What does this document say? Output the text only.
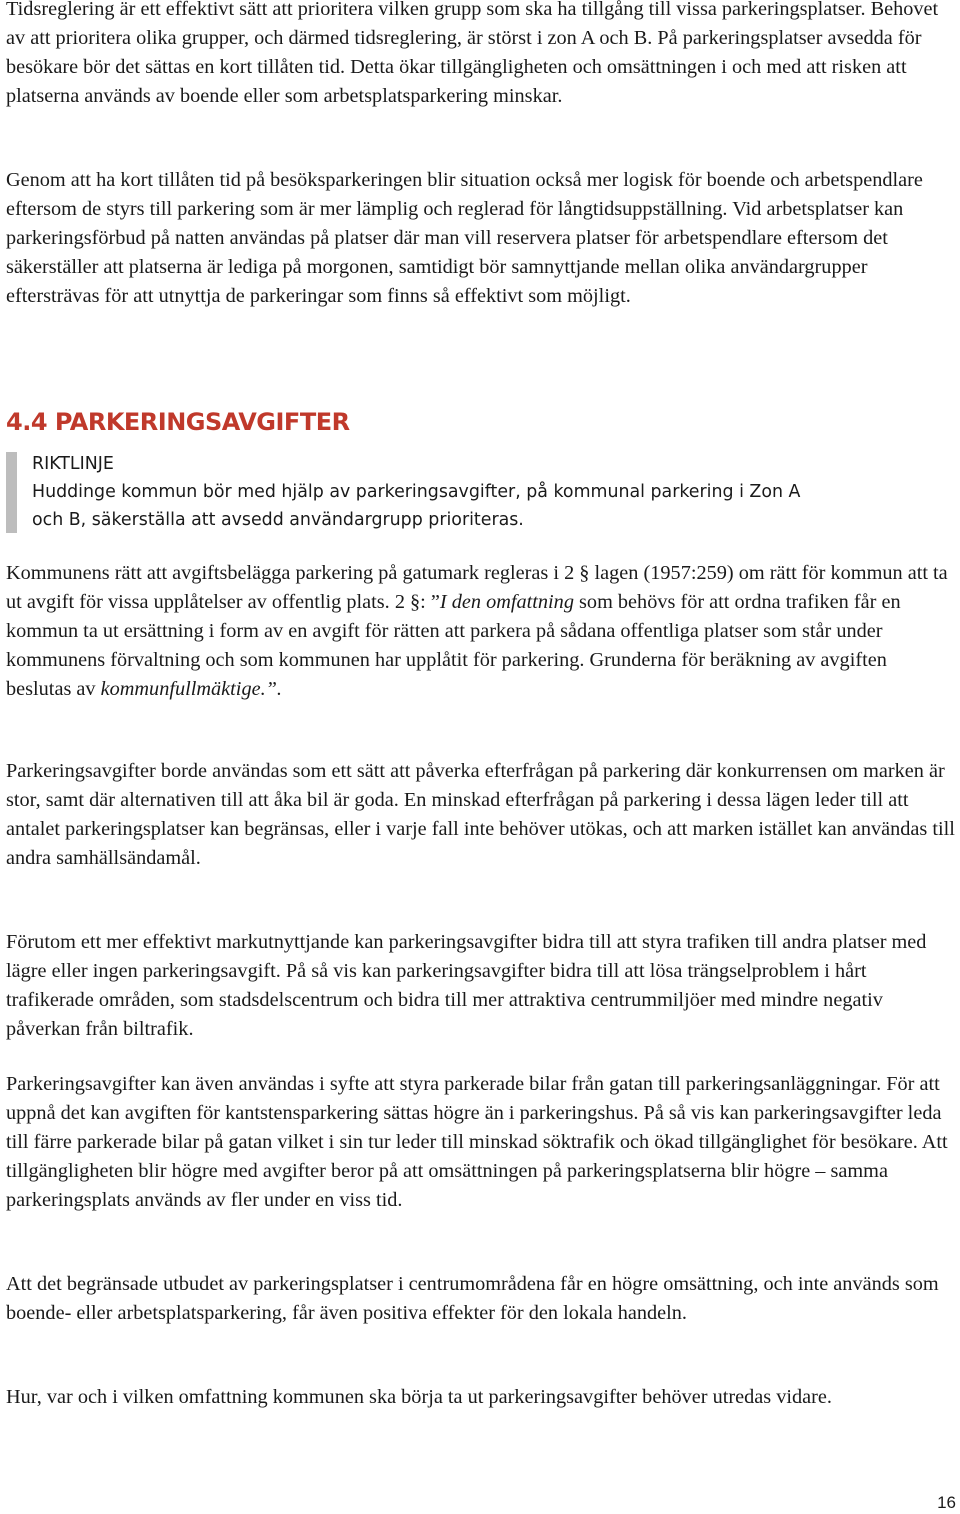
Tidsreglering är ett effektivt sätt att prioritera vilken grupp som ska ha tillgång till vissa parkeringsplatser. Behovet av att prioritera olika grupper, och därmed tidsreglering, är störst i zon A och B. På parkeringsplatser avsedda för besökare bör det sättas en kort tillåten tid. Detta ökar tillgängligheten och omsättningen i och med att risken att platserna används av boende eller som arbetsplatsparkering minskar.

Genom att ha kort tillåten tid på besöksparkeringen blir situation också mer logisk för boende och arbetspendlare eftersom de styrs till parkering som är mer lämplig och reglerad för långtidsuppställning. Vid arbetsplatser kan parkeringsförbud på natten användas på platser där man vill reservera platser för arbetspendlare eftersom det säkerställer att platserna är lediga på morgonen, samtidigt bör samnyttjande mellan olika användargrupper eftersträvas för att utnyttja de parkeringar som finns så effektivt som möjligt.

4.4 PARKERINGSAVGIFTER
RIKTLINJE
Huddinge kommun bör med hjälp av parkeringsavgifter, på kommunal parkering i Zon A
och B, säkerställa att avsedd användargrupp prioriteras.

Kommunens rätt att avgiftsbelägga parkering på gatumark regleras i 2 § lagen (1957:259) om rätt för kommun att ta ut avgift för vissa upplåtelser av offentlig plats. 2 §: ”I den omfattning som behövs för att ordna trafiken får en kommun ta ut ersättning i form av en avgift för rätten att parkera på sådana offentliga platser som står under kommunens förvaltning och som kommunen har upplåtit för parkering. Grunderna för beräkning av avgiften beslutas av kommunfullmäktige.”.

Parkeringsavgifter borde användas som ett sätt att påverka efterfrågan på parkering där konkurrensen om marken är stor, samt där alternativen till att åka bil är goda. En minskad efterfrågan på parkering i dessa lägen leder till att antalet parkeringsplatser kan begränsas, eller i varje fall inte behöver utökas, och att marken istället kan användas till andra samhällsändamål.

Förutom ett mer effektivt markutnyttjande kan parkeringsavgifter bidra till att styra trafiken till andra platser med lägre eller ingen parkeringsavgift. På så vis kan parkeringsavgifter bidra till att lösa trängselproblem i hårt trafikerade områden, som stadsdelscentrum och bidra till mer attraktiva centrummiljöer med mindre negativ påverkan från biltrafik.

Parkeringsavgifter kan även användas i syfte att styra parkerade bilar från gatan till parkeringsanläggningar. För att uppnå det kan avgiften för kantstensparkering sättas högre än i parkeringshus. På så vis kan parkeringsavgifter leda till färre parkerade bilar på gatan vilket i sin tur leder till minskad söktrafik och ökad tillgänglighet för besökare. Att tillgängligheten blir högre med avgifter beror på att omsättningen på parkeringsplatserna blir högre – samma parkeringsplats används av fler under en viss tid.

Att det begränsade utbudet av parkeringsplatser i centrumområdena får en högre omsättning, och inte används som boende- eller arbetsplatsparkering, får även positiva effekter för den lokala handeln.

Hur, var och i vilken omfattning kommunen ska börja ta ut parkeringsavgifter behöver utredas vidare.

16
